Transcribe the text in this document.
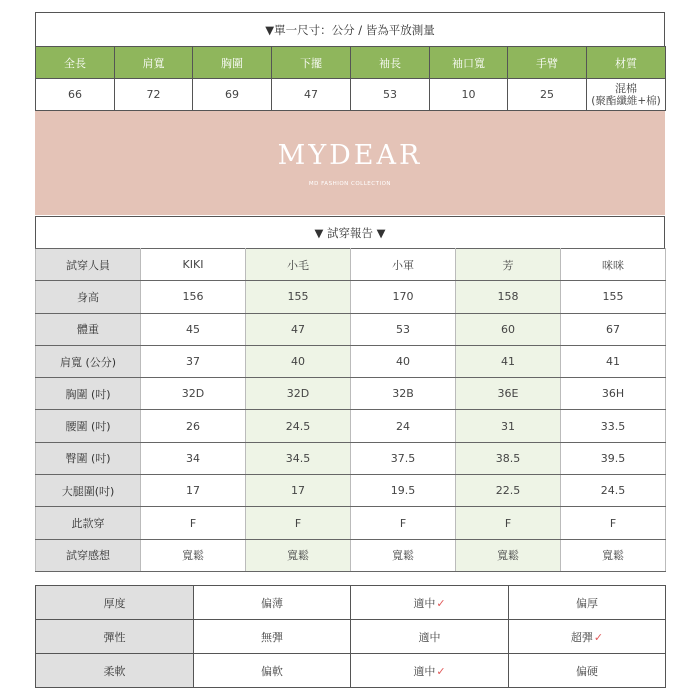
▼單一尺寸：公分 / 皆為平放測量
全長	肩寬	胸圍	下擺	袖長	袖口寬	手臂	材質
66	72	69	47	53	10	25	混棉
(聚酯纖維+棉)
MYDEAR
MD FASHION COLLECTION
▼ 試穿報告 ▼
試穿人員	KIKI	小毛	小軍	芳	咪咪
身高	156	155	170	158	155
體重	45	47	53	60	67
肩寬 (公分)	37	40	40	41	41
胸圍 (吋)	32D	32D	32B	36E	36H
腰圍 (吋)	26	24.5	24	31	33.5
臀圍 (吋)	34	34.5	37.5	38.5	39.5
大腿圍(吋)	17	17	19.5	22.5	24.5
此款穿	F	F	F	F	F
試穿感想	寬鬆	寬鬆	寬鬆	寬鬆	寬鬆
厚度	偏薄	適中✓	偏厚
彈性	無彈	適中	超彈✓
柔軟	偏軟	適中✓	偏硬
